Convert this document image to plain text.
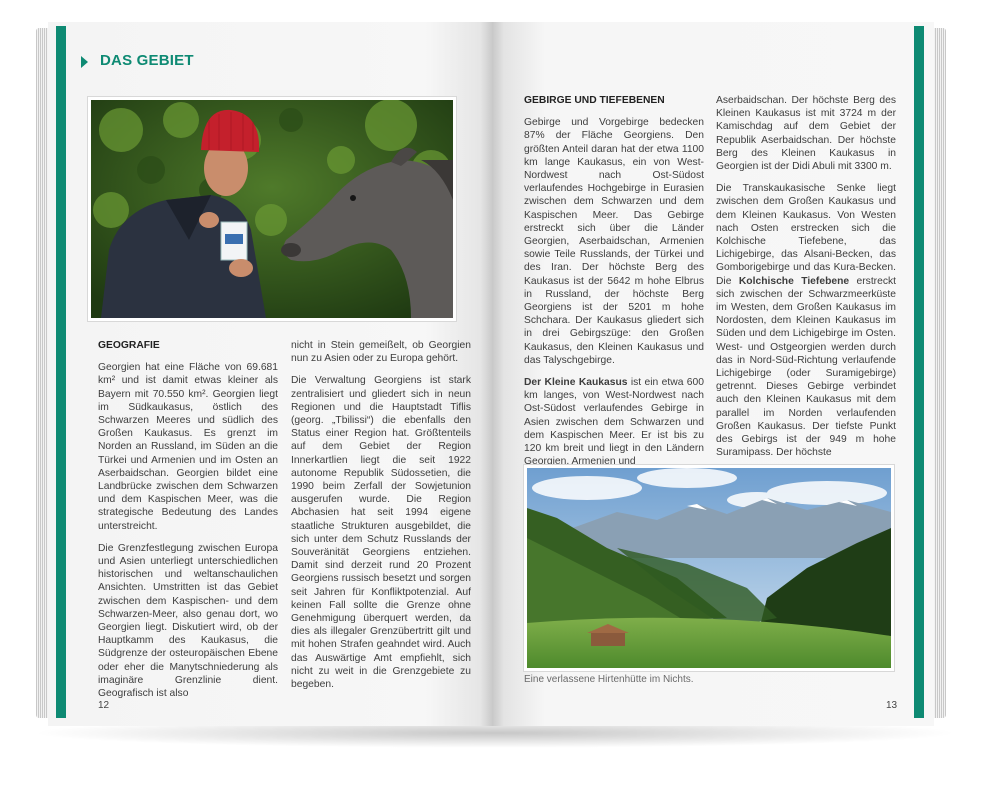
DAS GEBIET

GEOGRAFIE

Georgien hat eine Fläche von 69.681 km² und ist damit etwas kleiner als Bayern mit 70.550 km². Georgien liegt im Südkaukasus, östlich des Schwarzen Meeres und südlich des Großen Kaukasus. Es grenzt im Norden an Russland, im Süden an die Türkei und Armenien und im Osten an Aserbaidschan. Georgien bildet eine Landbrücke zwischen dem Schwarzen und dem Kaspischen Meer, was die strategische Bedeutung des Landes unterstreicht.

Die Grenzfestlegung zwischen Europa und Asien unterliegt unterschiedlichen historischen und weltanschaulichen Ansichten. Umstritten ist das Gebiet zwischen dem Kaspischen- und dem Schwarzen-Meer, also genau dort, wo Georgien liegt. Diskutiert wird, ob der Hauptkamm des Kaukasus, die Südgrenze der osteuropäischen Ebene oder eher die Manytschniederung als imaginäre Grenzlinie dient. Geografisch ist also

nicht in Stein gemeißelt, ob Georgien nun zu Asien oder zu Europa gehört.

Die Verwaltung Georgiens ist stark zentralisiert und gliedert sich in neun Regionen und die Hauptstadt Tiflis (georg. „Tbilissi“) die ebenfalls den Status einer Region hat. Größtenteils auf dem Gebiet der Region Innerkartlien liegt die seit 1922 autonome Republik Südossetien, die 1990 beim Zerfall der Sowjetunion ausgerufen wurde. Die Region Abchasien hat seit 1994 eigene staatliche Strukturen ausgebildet, die sich unter dem Schutz Russlands der Souveränität Georgiens entziehen. Damit sind derzeit rund 20 Prozent Georgiens russisch besetzt und sorgen seit Jahren für Konfliktpotenzial. Auf keinen Fall sollte die Grenze ohne Genehmigung überquert werden, da dies als illegaler Grenzübertritt gilt und mit hohen Strafen geahndet wird. Auch das Auswärtige Amt empfiehlt, sich nicht zu weit in die Grenzgebiete zu begeben.

12

GEBIRGE UND TIEFEBENEN

Gebirge und Vorgebirge bedecken 87% der Fläche Georgiens. Den größten Anteil daran hat der etwa 1100 km lange Kaukasus, ein von West-Nordwest nach Ost-Südost verlaufendes Hochgebirge in Eurasien zwischen dem Schwarzen und dem Kaspischen Meer. Das Gebirge erstreckt sich über die Länder Georgien, Aserbaidschan, Armenien sowie Teile Russlands, der Türkei und des Iran. Der höchste Berg des Kaukasus ist der 5642 m hohe Elbrus in Russland, der höchste Berg Georgiens ist der 5201 m hohe Schchara. Der Kaukasus gliedert sich in drei Gebirgszüge: den Großen Kaukasus, den Kleinen Kaukasus und das Talyschgebirge.

Der Kleine Kaukasus ist ein etwa 600 km langes, von West-Nordwest nach Ost-Südost verlaufendes Gebirge in Asien zwischen dem Schwarzen und dem Kaspischen Meer. Er ist bis zu 120 km breit und liegt in den Ländern Georgien, Armenien und

Aserbaidschan. Der höchste Berg des Kleinen Kaukasus ist mit 3724 m der Kamischdag auf dem Gebiet der Republik Aserbaidschan. Der höchste Berg des Kleinen Kaukasus in Georgien ist der Didi Abuli mit 3300 m.

Die Transkaukasische Senke liegt zwischen dem Großen Kaukasus und dem Kleinen Kaukasus. Von Westen nach Osten erstrecken sich die Kolchische Tiefebene, das Lichigebirge, das Alsani-Becken, das Gomborigebirge und das Kura-Becken. Die Kolchische Tiefebene erstreckt sich zwischen der Schwarzmeerküste im Westen, dem Großen Kaukasus im Nordosten, dem Kleinen Kaukasus im Süden und dem Lichigebirge im Osten. West- und Ostgeorgien werden durch das in Nord-Süd-Richtung verlaufende Lichigebirge (oder Suramigebirge) getrennt. Dieses Gebirge verbindet auch den Kleinen Kaukasus mit dem parallel im Norden verlaufenden Großen Kaukasus. Der tiefste Punkt des Gebirgs ist der 949 m hohe Suramipass. Der höchste

Eine verlassene Hirtenhütte im Nichts.
13
